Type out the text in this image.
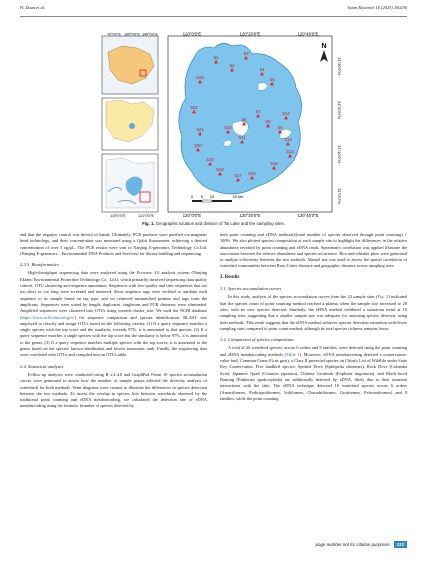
H. Duan et al.	Avian Research 16 (2025) 100236
N
0 5 10	20 km
120°0'0"E	120°20'0"E	120°40'0"E
120°0'0"E	120°20'0"E	120°40'0"E
31°30'0"N
31°20'0"N
31°10'0"N
31°0'0"N
70°0'0"E 100°0'0"E 140°0'0"E
119°0'0"E	121°0'0"E
S1
S2
S3
S4
S5
S6
S7
S8
S9
S10
S11
S12
S13
S14
S15
S16
S17
S18
S19
S20
S21
S22
S23
Fig. 1. Geographic location and division of Tai Lake and the sampling sites.

and that the negative control was devoid of bands. Ultimately, PCR products were purified via magnetic bead technology, and their concentration was measured using a Qubit fluorometer, achieving a desired concentration of over 3 ng/μL. The PCR results were sent to Nanjing E-genomics Technology Co.Ltd. (Nanjing E-genomics – Environmental DNA Products and Services) for library building and sequencing.

2.3.3. Bioinformatics

High-throughput sequencing data were analyzed using the Ecoview 3.0 analysis system (Nanjing Ekinno Environmental Protection Technology Co., Ltd.), which primarily involved sequencing data quality control, OTU clustering and sequence annotation. Sequences with low quality and trim sequences that are too short or too long were screened and removed. Short sequence tags were verified to attribute each sequence to its sample based on tag type, and we removed mismatched primers and tags from the amplicons. Sequences were sorted by length, duplicates, singletons and PCR chimeras were eliminated. Amplified sequences were clustered into OTUs using vsearch-cluster_size. We used the NCBI database (https://www.ncbi.nlm.nih.gov/) for sequence comparison and species identification. BLAST was employed to classify and assign OTUs based on the following criteria: (1) If a query sequence matches a single species with the top score and the similarity exceeds 97%, it is annotated to that species; (2) If a query sequence matches a single species with the top score but the similarity is below 97%, it is annotated to the genus; (3) If a query sequence matches multiple species with the top scores, it is annotated to the genus based on the species' known distribution and lowest taxonomic rank. Finally, the sequencing data were correlated with OTUs and compiled into an OTUs table.

2.4. Statistical analyses

Follow-up analyses were conducted using R v.4.4.0 and GraphPad Prism 10 species accumulation curves were generated to assess how the number of sample points affected the diversity analysis of waterbirds for both methods. Venn diagrams were created to illustrate the differences in species detection between the two methods. To assess the overlap in species lists between waterbirds observed by the traditional point counting and eDNA metabarcoding, we calculated the detection rate of eDNA metabarcoding using the formula: (number of species detected by

both point counting and eDNA methods)/(total number of species observed through point counting) × 100%. We also plotted species composition at each sample site to highlight the differences in the relative abundance revealed by point counting and eDNA reads. Spearman's correlation was applied illustrate the association between the relative abundance and species occurrence. Box-and-whisker plots were generated to analyze α-diversity between the two methods. Mantel test was used to assess the spatial correlation of waterbird communities between Bray-Curtis distance and geographic distance across sampling sites.

3. Results
3.1. Species accumulation curves

In this study, analysis of the species accumulation curves from the 23 sample sites (Fig. 2) indicated that the species count of point counting method reached a plateau when the sample size increased to 20 sites, with no new species detected. Similarly, the eDNA method exhibited a saturation trend at 10 sampling sites, suggesting that a smaller sample size was adequate for assessing species diversity using both methods. This result suggests that the eDNA method achieves species detection saturation with fewer sampling sites compared to point count method, although its total species richness remains lower.

3.2. Comparison of species composition

A total of 26 waterbird species, across 6 orders and 8 families, were detected using the point counting and eDNA metabarcoding methods (Table 1). Moreover, eDNA metabarcoding detected a conservation-value bird, Common Crane (Grus grus), a Class II protected species on China's List of Wildlife under State Key Conservation. Five landbird species: Spotted Dove (Spilopelia chinensis), Rock Dove (Columba livia), Japanese Quail (Coturnix japonica), Chinese Grosbeak (Eophona migratoria), and Black-faced Bunting (Emberiza spodocephala) are additionally detected by eDNA, likely due to their transient interactions with the lake. The eDNA technique detected 16 waterbird species across 6 orders (Anseriformes, Podicipediformes, Suliformes, Charadriiformes, Gruiformes, Pelecaniformes) and 9 families, while the point counting

page number not for citation purposes	223
